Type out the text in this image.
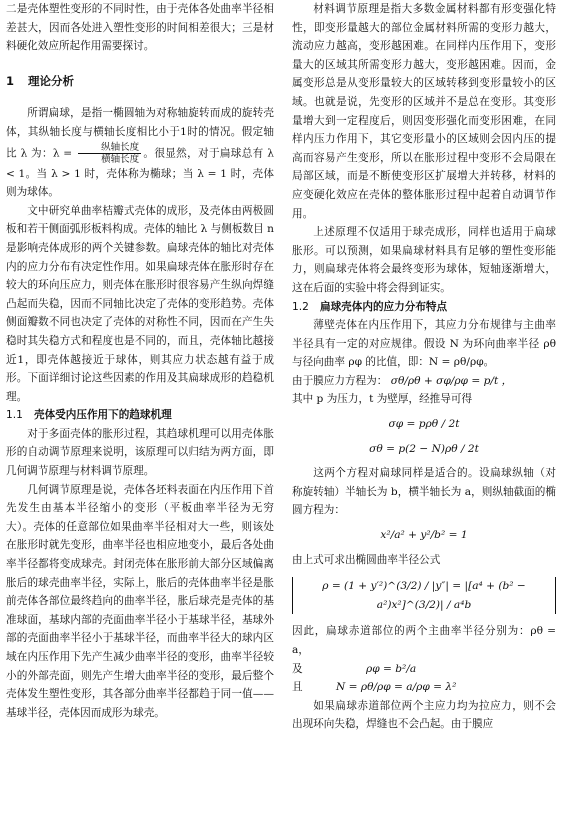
二是壳体塑性变形的不同时性，由于壳体各处曲率半径相差甚大，因而各处进入塑性变形的时间相差很大；三是材料硬化效应所起作用需要探讨。

1 理论分析

所谓扁球，是指一椭圆轴为对称轴旋转而成的旋转壳体，其纵轴长度与横轴长度相比小于1时的情况。假定轴比 λ 为：$\lambda = \frac{\text{纵轴长度}}{\text{横轴长度}}$ 。很显然，对于扁球总有 λ < 1。当 λ > 1 时，壳体称为椭球；当 λ = 1 时，壳体则为球体。

文中研究单曲率桔瓣式壳体的成形，及壳体由两极圆板和若干侧面弧形板料构成。壳体的轴比 λ 与侧板数目 n 是影响壳体成形的两个关键参数。扁球壳体的轴比对壳体内的应力分布有决定性作用。如果扁球壳体在胀形时存在较大的环向压应力，则壳体在胀形时很容易产生纵向焊缝凸起而失稳，因而不同轴比决定了壳体的变形趋势。壳体侧面瓣数不同也决定了壳体的对称性不同，因而在产生失稳时其失稳方式和程度也是不同的，而且，壳体轴比越接近1，即壳体越接近于球体，则其应力状态越有益于成形。下面详细讨论这些因素的作用及其扁球成形的趋稳机理。

1.1 壳体受内压作用下的趋球机理

对于多面壳体的胀形过程，其趋球机理可以用壳体胀形的自动调节原理来说明，该原理可以归结为两方面，即几何调节原理与材料调节原理。

几何调节原理是说，壳体各坯料表面在内压作用下首先发生由基本半径缩小的变形（平板曲率半径为无穷大）。壳体的任意部位如果曲率半径相对大一些，则该处在胀形时就先变形，曲率半径也相应地变小，最后各处曲率半径都将变成球壳。封闭壳体在胀形前大部分区域偏离胀后的球壳曲率半径，实际上，胀后的壳体曲率半径是胀前壳体各部位最终趋向的曲率半径，胀后球壳是壳体的基准球面，基球内部的壳面曲率半径小于基球半径，基球外部的壳面曲率半径小于基球半径，而曲率半径大的球内区域在内压作用下先产生减少曲率半径的变形，曲率半径较小的外部壳面，则先产生增大曲率半径的变形，最后整个壳体发生塑性变形，其各部分曲率半径都趋于同一值——基球半径，壳体因而成形为球壳。

材料调节原理是指大多数金属材料都有形变强化特性，即变形量越大的部位金属材料所需的变形力越大，流动应力越高，变形越困难。在同样内压作用下，变形量大的区域其所需变形力越大，变形越困难。因而，金属变形总是从变形量较大的区域转移到变形量较小的区域。也就是说，先变形的区域并不是总在变形。其变形量增大到一定程度后，则因变形强化而变形困难，在同样内压力作用下，其它变形量小的区域则会因内压的提高而容易产生变形，所以在胀形过程中变形不会局限在局部区域，而是不断使变形区扩展增大并转移，材料的应变硬化效应在壳体的整体胀形过程中起着自动调节作用。

上述原理不仅适用于球壳成形，同样也适用于扁球胀形。可以预测，如果扁球材料具有足够的塑性变形能力，则扁球壳体将会最终变形为球体，短轴逐渐增大，这在后面的实验中将会得到证实。

1.2 扁球壳体内的应力分布特点

薄壁壳体在内压作用下，其应力分布规律与主曲率半径具有一定的对应规律。假设 N 为环向曲率半径 ρθ 与径向曲率 ρφ 的比值，即：N = ρθ/ρφ。

由于膜应力方程为： σθ/ρθ + σφ/ρφ = p/t ，

其中 p 为压力，t 为壁厚，经推导可得

σφ = pρθ / 2t
σθ = p(2 − N)ρθ / 2t

这两个方程对扁球同样是适合的。设扁球纵轴（对称旋转轴）半轴长为 b，横半轴长为 a，则纵轴截面的椭圆方程为：

x²/a² + y²/b² = 1

由上式可求出椭圆曲率半径公式

ρ = (1 + y′²)^(3/2) / |y″| = |[a⁴ + (b² − a²)x²]^(3/2)| / a⁴b

因此，扁球赤道部位的两个主曲率半径分别为：ρθ = a，

及	ρφ = b²/a

且	N = ρθ/ρφ = a/ρφ = λ²

如果扁球赤道部位两个主应力均为拉应力，则不会出现环向失稳，焊缝也不会凸起。由于膜应
